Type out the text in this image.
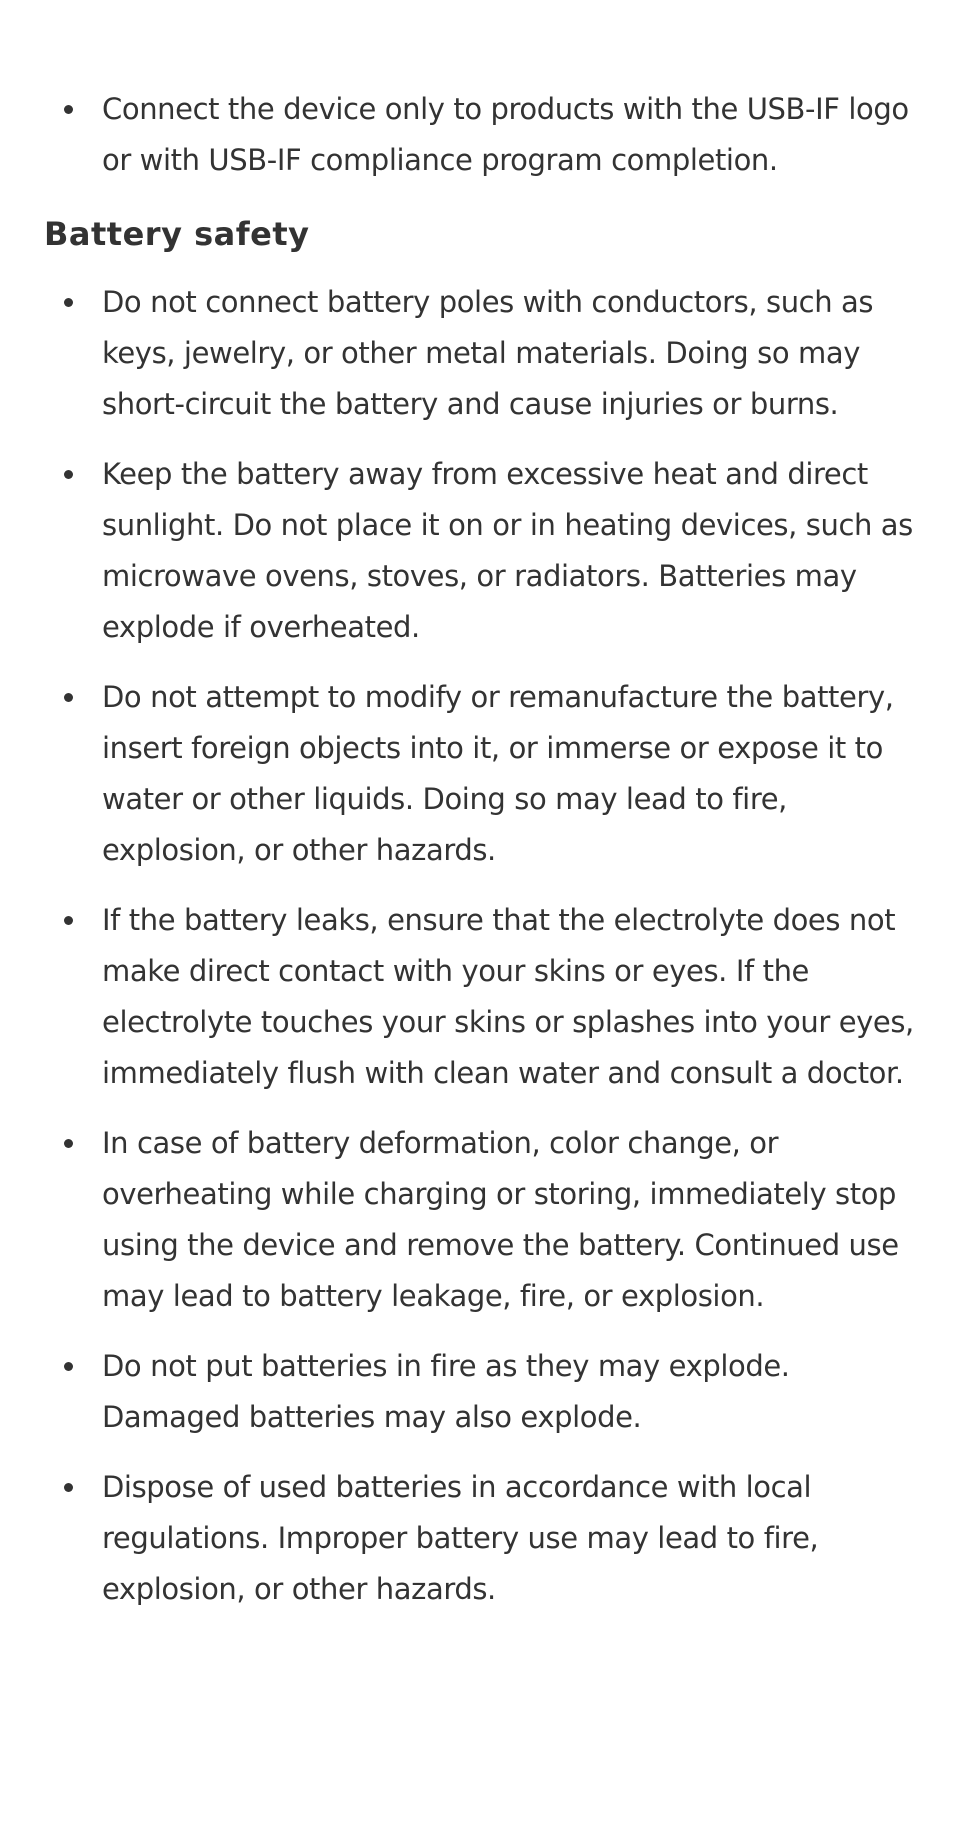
Connect the device only to products with the USB-IF logo or with USB-IF compliance program completion.
Battery safety
Do not connect battery poles with conductors, such as keys, jewelry, or other metal materials. Doing so may short-circuit the battery and cause injuries or burns.
Keep the battery away from excessive heat and direct sunlight. Do not place it on or in heating devices, such as microwave ovens, stoves, or radiators. Batteries may explode if overheated.
Do not attempt to modify or remanufacture the battery, insert foreign objects into it, or immerse or expose it to water or other liquids. Doing so may lead to fire, explosion, or other hazards.
If the battery leaks, ensure that the electrolyte does not make direct contact with your skins or eyes. If the electrolyte touches your skins or splashes into your eyes, immediately flush with clean water and consult a doctor.
In case of battery deformation, color change, or overheating while charging or storing, immediately stop using the device and remove the battery. Continued use may lead to battery leakage, fire, or explosion.
Do not put batteries in fire as they may explode. Damaged batteries may also explode.
Dispose of used batteries in accordance with local regulations. Improper battery use may lead to fire, explosion, or other hazards.
